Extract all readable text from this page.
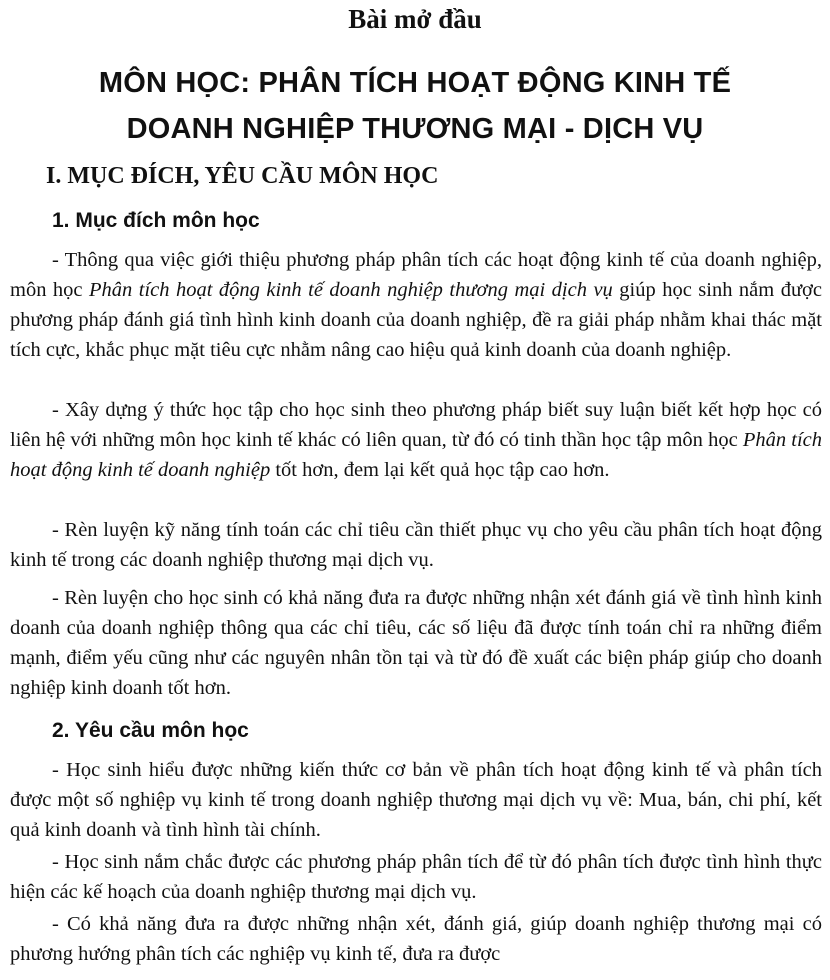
Bài mở đầu
MÔN HỌC: PHÂN TÍCH HOẠT ĐỘNG KINH TẾ
DOANH NGHIỆP THƯƠNG MẠI - DỊCH VỤ
I. MỤC ĐÍCH, YÊU CẦU MÔN HỌC
1. Mục đích môn học

- Thông qua việc giới thiệu phương pháp phân tích các hoạt động kinh tế của doanh nghiệp, môn học Phân tích hoạt động kinh tế doanh nghiệp thương mại dịch vụ giúp học sinh nắm được phương pháp đánh giá tình hình kinh doanh của doanh nghiệp, đề ra giải pháp nhằm khai thác mặt tích cực, khắc phục mặt tiêu cực nhằm nâng cao hiệu quả kinh doanh của doanh nghiệp.

- Xây dựng ý thức học tập cho học sinh theo phương pháp biết suy luận biết kết hợp học có liên hệ với những môn học kinh tế khác có liên quan, từ đó có tinh thần học tập môn học Phân tích hoạt động kinh tế doanh nghiệp tốt hơn, đem lại kết quả học tập cao hơn.

- Rèn luyện kỹ năng tính toán các chỉ tiêu cần thiết phục vụ cho yêu cầu phân tích hoạt động kinh tế trong các doanh nghiệp thương mại dịch vụ.

- Rèn luyện cho học sinh có khả năng đưa ra được những nhận xét đánh giá về tình hình kinh doanh của doanh nghiệp thông qua các chỉ tiêu, các số liệu đã được tính toán chỉ ra những điểm mạnh, điểm yếu cũng như các nguyên nhân tồn tại và từ đó đề xuất các biện pháp giúp cho doanh nghiệp kinh doanh tốt hơn.

2. Yêu cầu môn học

- Học sinh hiểu được những kiến thức cơ bản về phân tích hoạt động kinh tế và phân tích được một số nghiệp vụ kinh tế trong doanh nghiệp thương mại dịch vụ về: Mua, bán, chi phí, kết quả kinh doanh và tình hình tài chính.

- Học sinh nắm chắc được các phương pháp phân tích để từ đó phân tích được tình hình thực hiện các kế hoạch của doanh nghiệp thương mại dịch vụ.

- Có khả năng đưa ra được những nhận xét, đánh giá, giúp doanh nghiệp thương mại có phương hướng phân tích các nghiệp vụ kinh tế, đưa ra được
